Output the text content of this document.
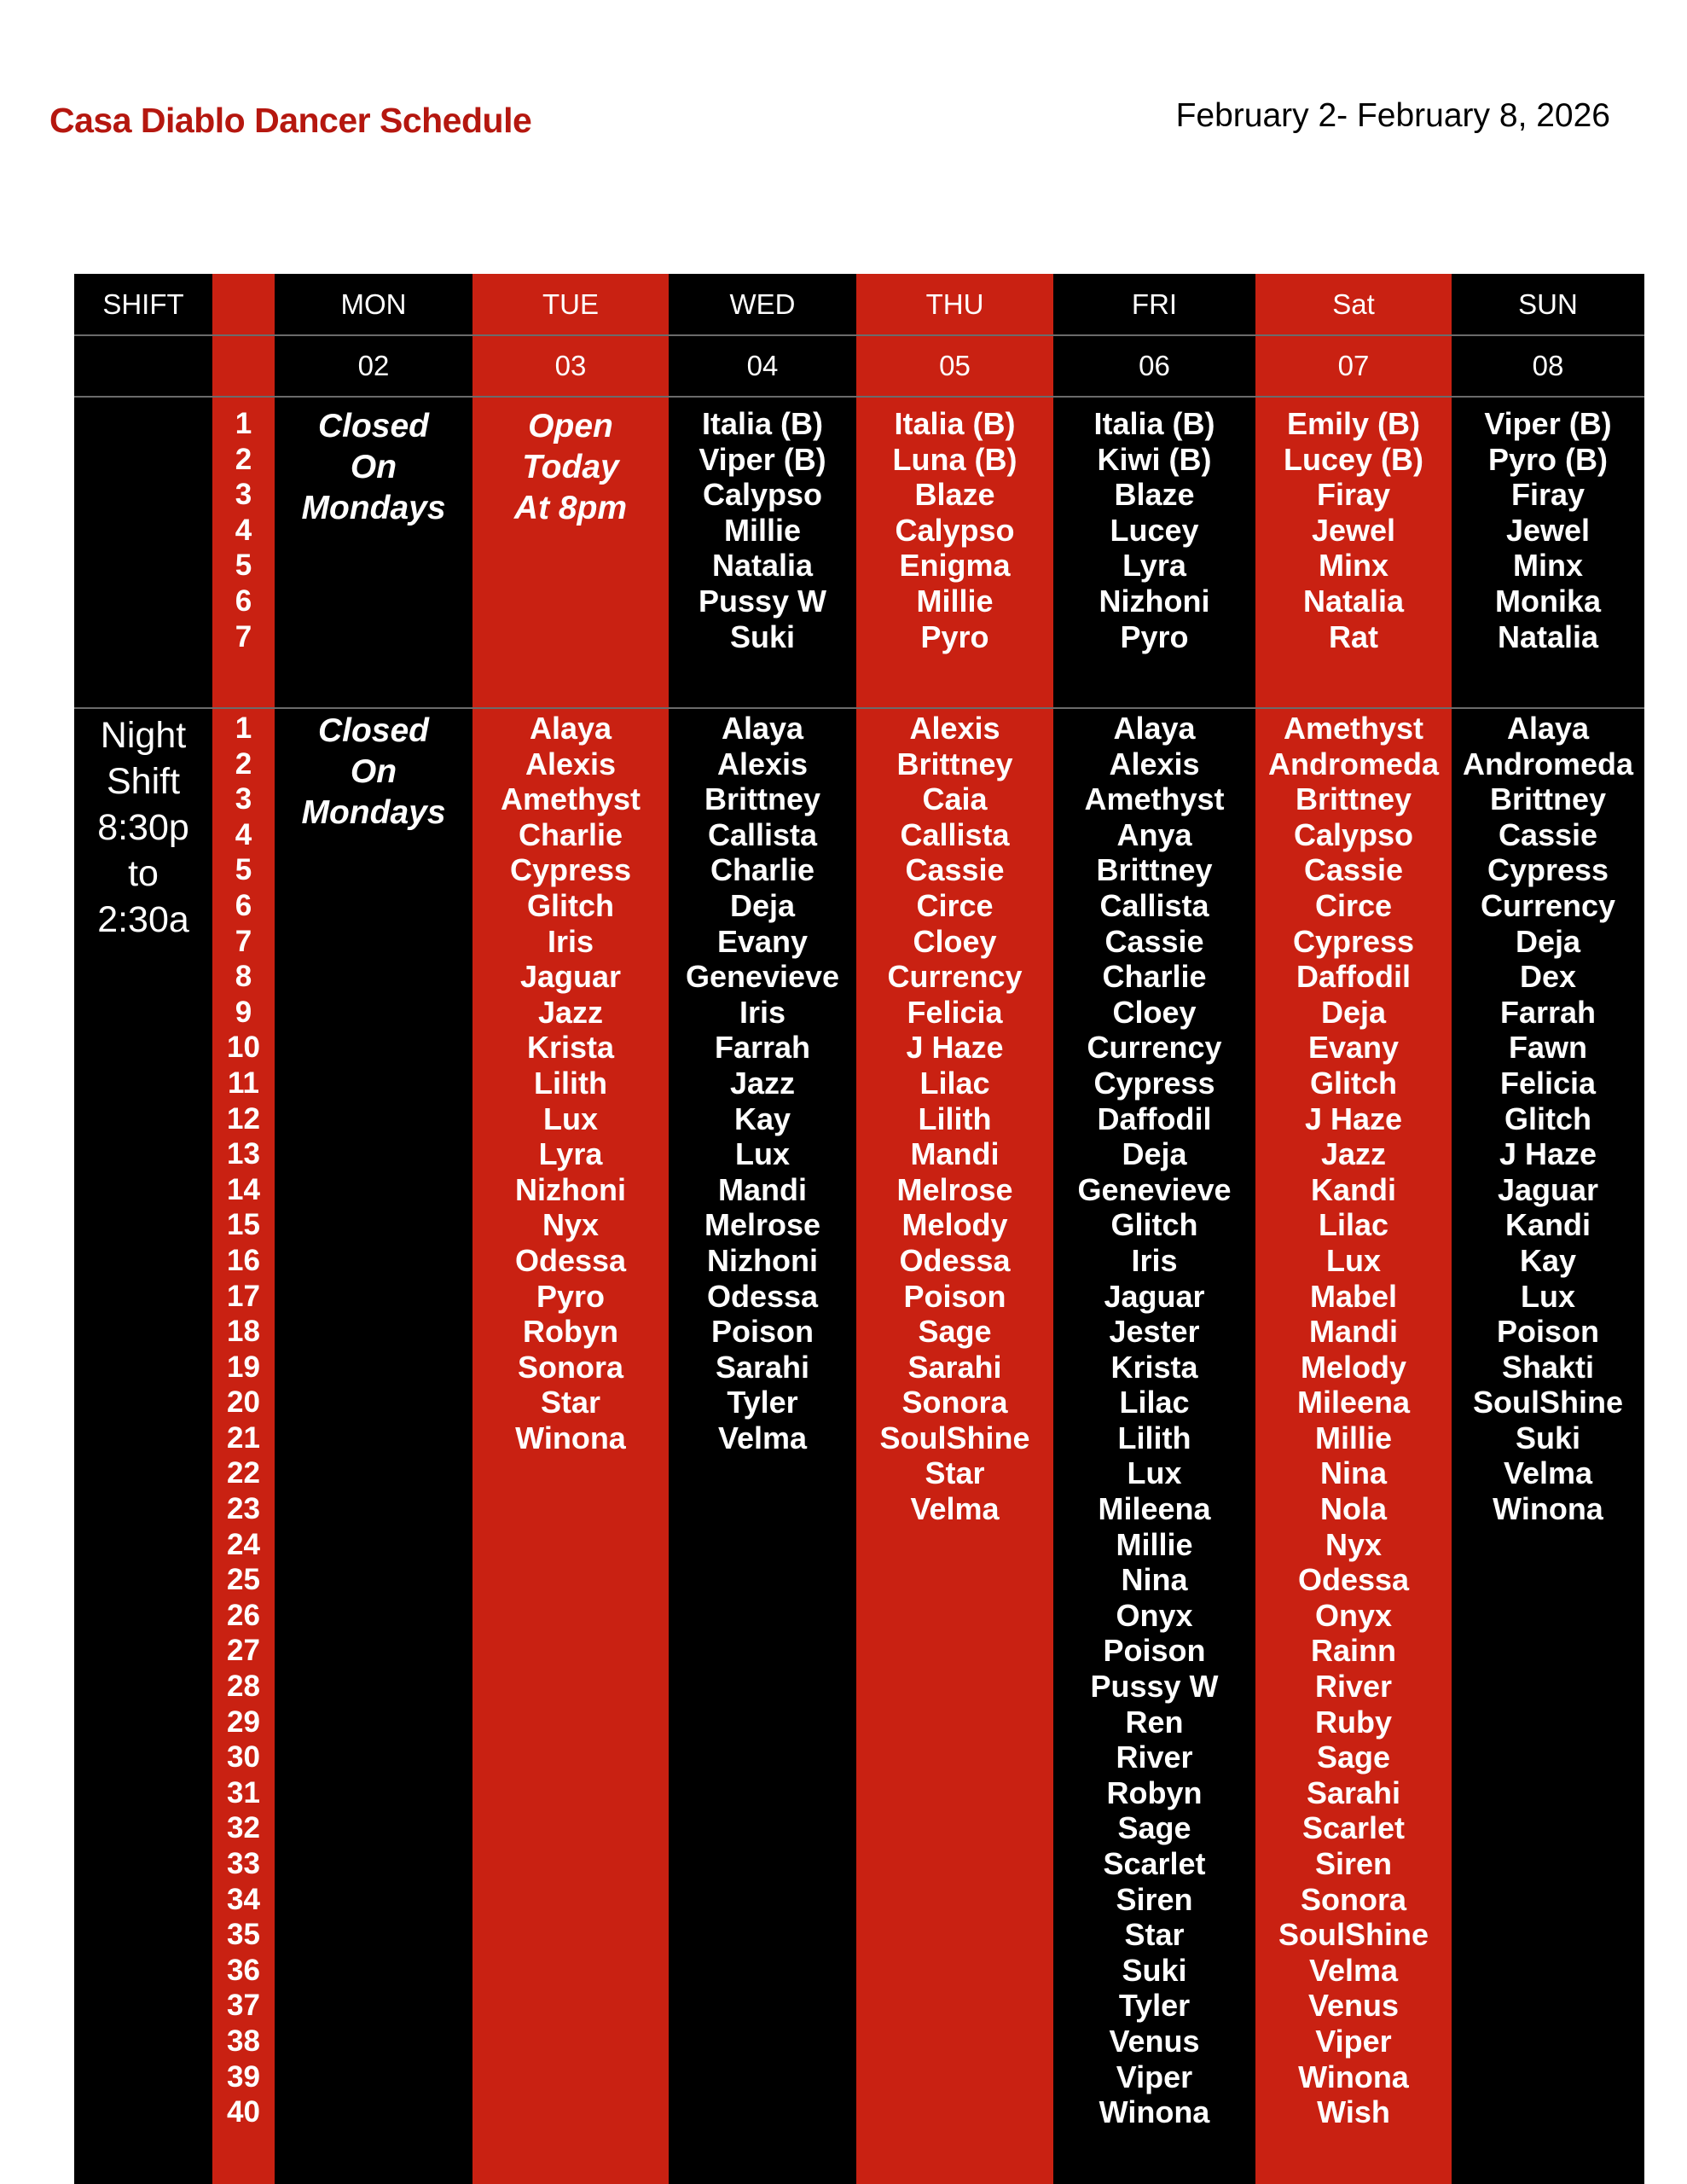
Casa Diablo Dancer Schedule	February 2- February 8, 2026
SHIFT
Night
Shift
8:30p
to
2:30a
1
2
3
4
5
6
7
1
2
3
4
5
6
7
8
9
10
11
12
13
14
15
16
17
18
19
20
21
22
23
24
25
26
27
28
29
30
31
32
33
34
35
36
37
38
39
40
MON
02
Closed
On
Mondays
Closed
On
Mondays
TUE
03
Open
Today
At 8pm
Alaya
Alexis
Amethyst
Charlie
Cypress
Glitch
Iris
Jaguar
Jazz
Krista
Lilith
Lux
Lyra
Nizhoni
Nyx
Odessa
Pyro
Robyn
Sonora
Star
Winona
WED
04
Italia (B)
Viper (B)
Calypso
Millie
Natalia
Pussy W
Suki
Alaya
Alexis
Brittney
Callista
Charlie
Deja
Evany
Genevieve
Iris
Farrah
Jazz
Kay
Lux
Mandi
Melrose
Nizhoni
Odessa
Poison
Sarahi
Tyler
Velma
THU
05
Italia (B)
Luna (B)
Blaze
Calypso
Enigma
Millie
Pyro
Alexis
Brittney
Caia
Callista
Cassie
Circe
Cloey
Currency
Felicia
J Haze
Lilac
Lilith
Mandi
Melrose
Melody
Odessa
Poison
Sage
Sarahi
Sonora
SoulShine
Star
Velma
FRI
06
Italia (B)
Kiwi (B)
Blaze
Lucey
Lyra
Nizhoni
Pyro
Alaya
Alexis
Amethyst
Anya
Brittney
Callista
Cassie
Charlie
Cloey
Currency
Cypress
Daffodil
Deja
Genevieve
Glitch
Iris
Jaguar
Jester
Krista
Lilac
Lilith
Lux
Mileena
Millie
Nina
Onyx
Poison
Pussy W
Ren
River
Robyn
Sage
Scarlet
Siren
Star
Suki
Tyler
Venus
Viper
Winona
Sat
07
Emily (B)
Lucey (B)
Firay
Jewel
Minx
Natalia
Rat
Amethyst
Andromeda
Brittney
Calypso
Cassie
Circe
Cypress
Daffodil
Deja
Evany
Glitch
J Haze
Jazz
Kandi
Lilac
Lux
Mabel
Mandi
Melody
Mileena
Millie
Nina
Nola
Nyx
Odessa
Onyx
Rainn
River
Ruby
Sage
Sarahi
Scarlet
Siren
Sonora
SoulShine
Velma
Venus
Viper
Winona
Wish
SUN
08
Viper (B)
Pyro (B)
Firay
Jewel
Minx
Monika
Natalia
Alaya
Andromeda
Brittney
Cassie
Cypress
Currency
Deja
Dex
Farrah
Fawn
Felicia
Glitch
J Haze
Jaguar
Kandi
Kay
Lux
Poison
Shakti
SoulShine
Suki
Velma
Winona
